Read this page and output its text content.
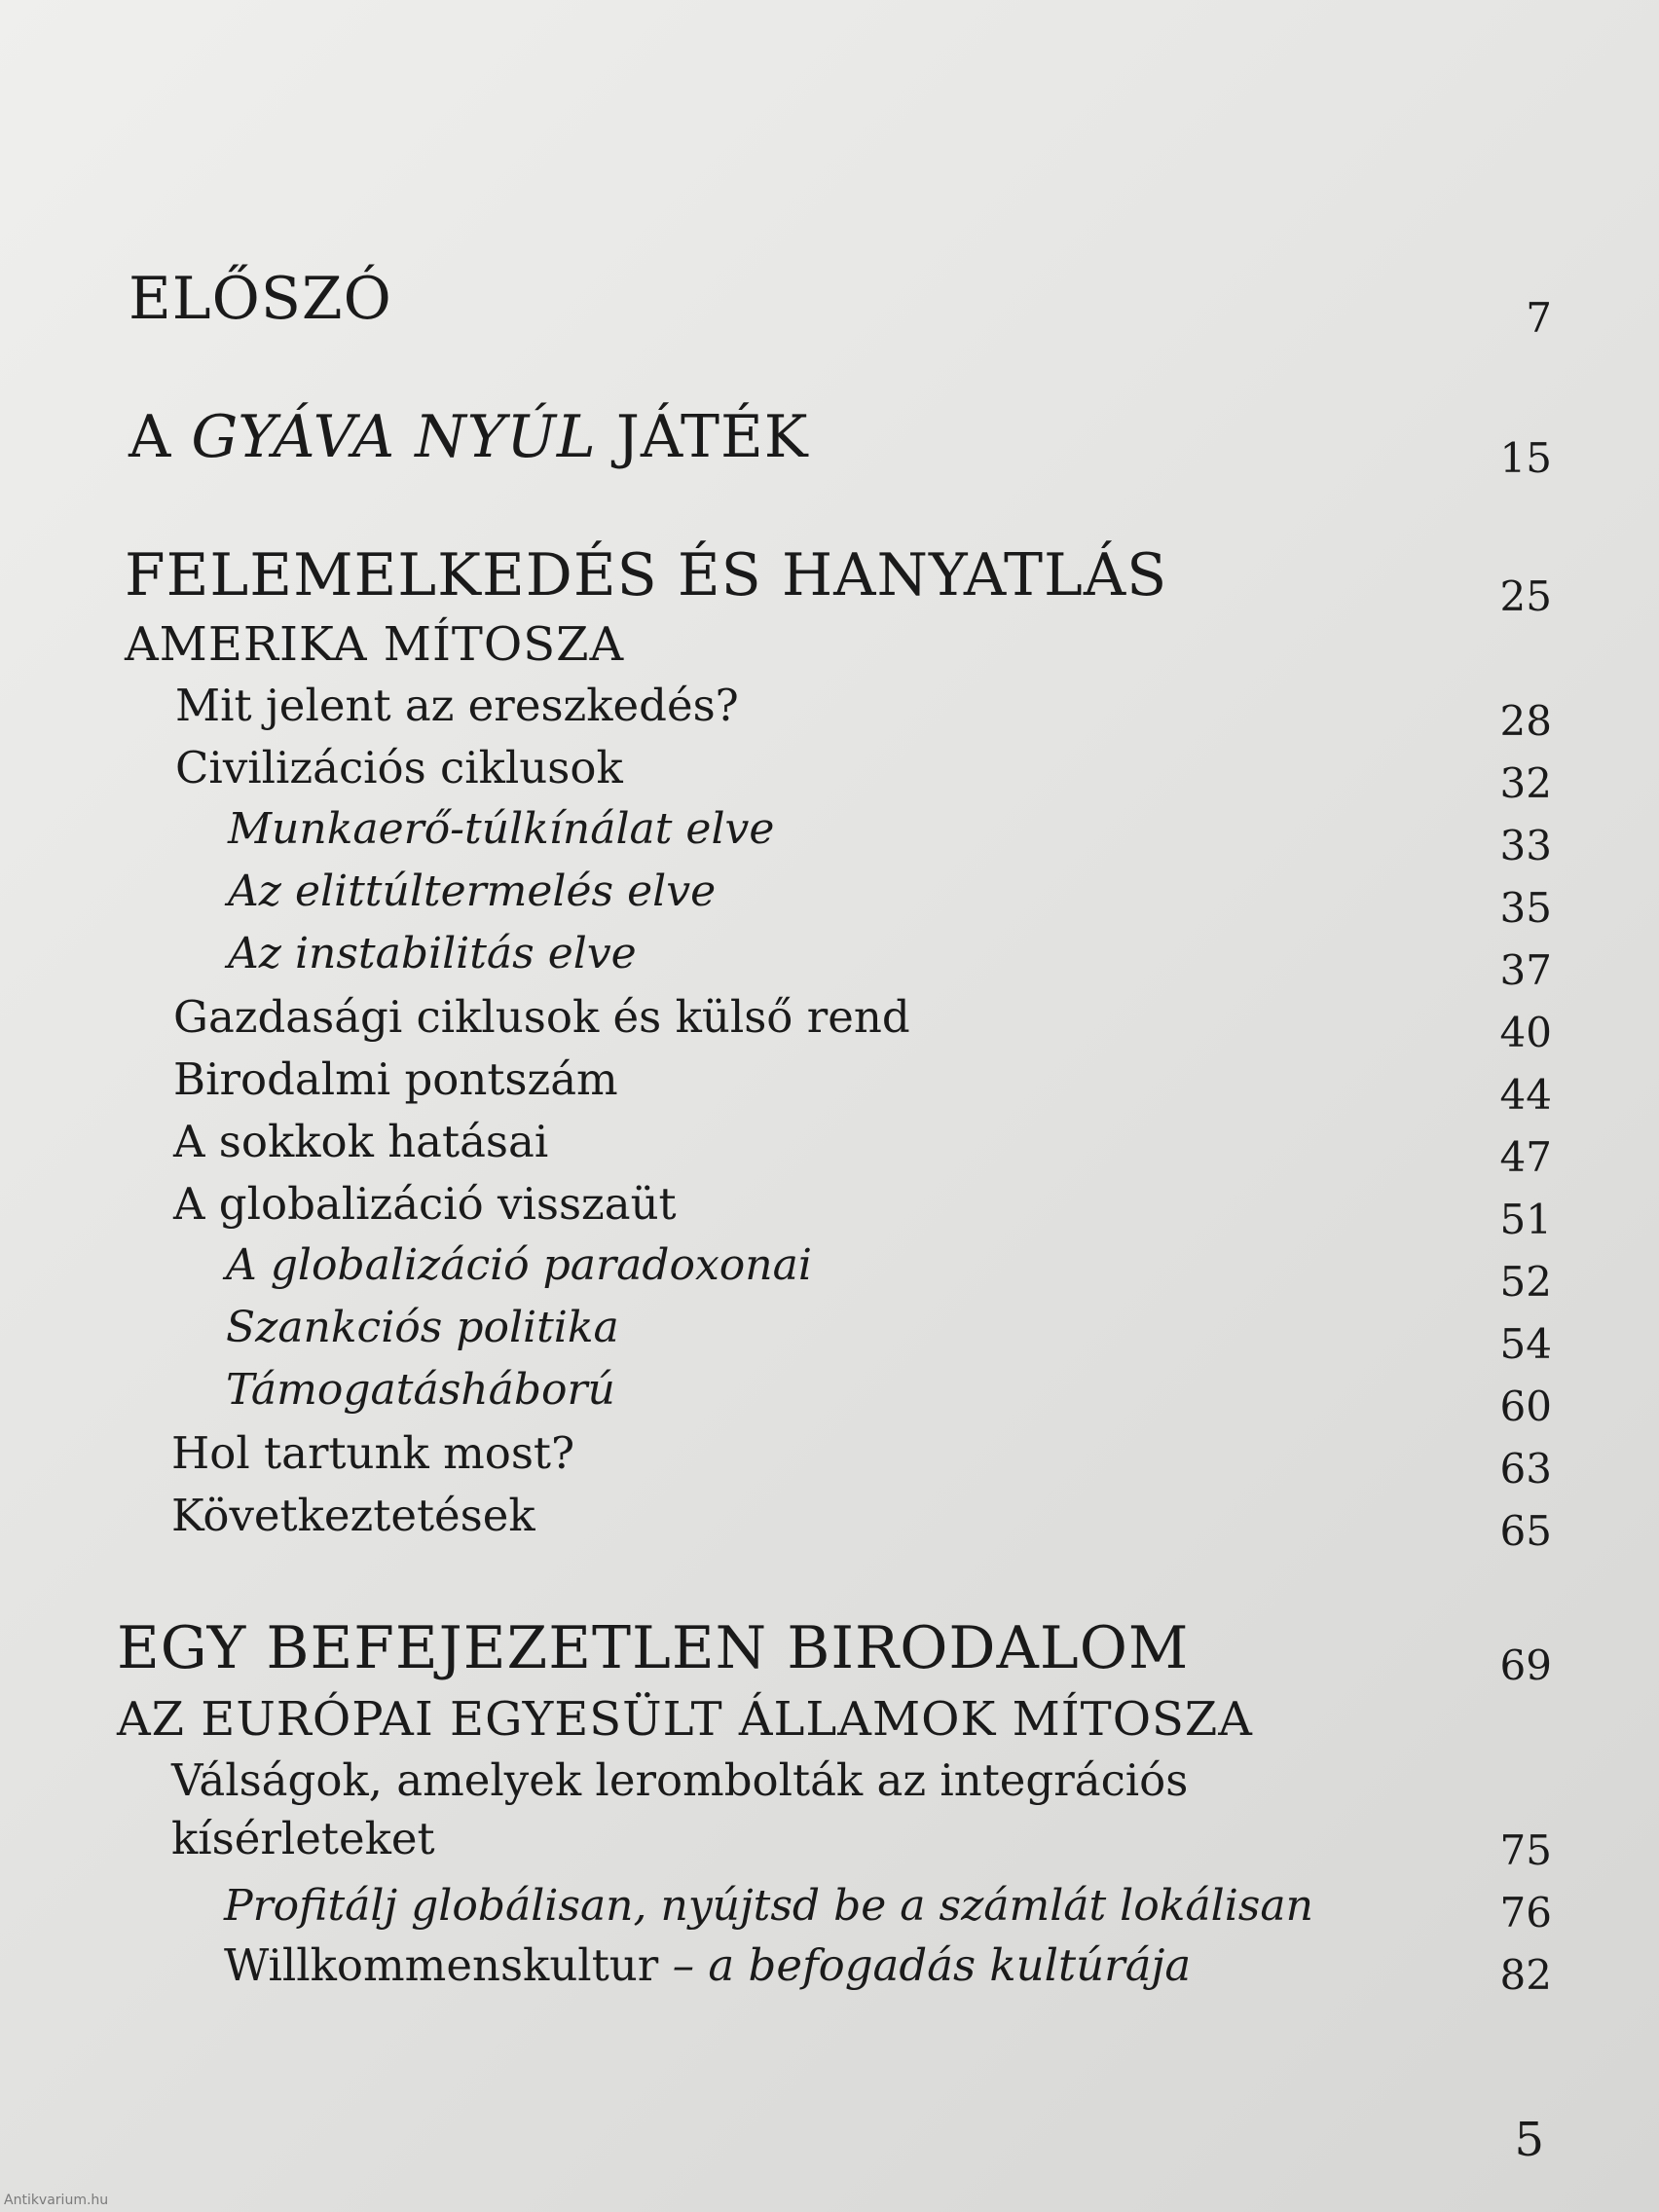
ELŐSZÓ	7
A GYÁVA NYÚL JÁTÉK	15
FELEMELKEDÉS ÉS HANYATLÁS	25
AMERIKA MÍTOSZA
Mit jelent az ereszkedés?	28
Civilizációs ciklusok	32
Munkaerő-túlkínálat elve	33
Az elittúltermelés elve	35
Az instabilitás elve	37
Gazdasági ciklusok és külső rend	40
Birodalmi pontszám	44
A sokkok hatásai	47
A globalizáció visszaüt	51
A globalizáció paradoxonai	52
Szankciós politika	54
Támogatásháború	60
Hol tartunk most?	63
Következtetések	65
EGY BEFEJEZETLEN BIRODALOM	69
AZ EURÓPAI EGYESÜLT ÁLLAMOK MÍTOSZA
Válságok, amelyek lerombolták az integrációs
kísérleteket	75
Profitálj globálisan, nyújtsd be a számlát lokálisan	76
Willkommenskultur – a befogadás kultúrája	82
5
Antikvarium.hu
